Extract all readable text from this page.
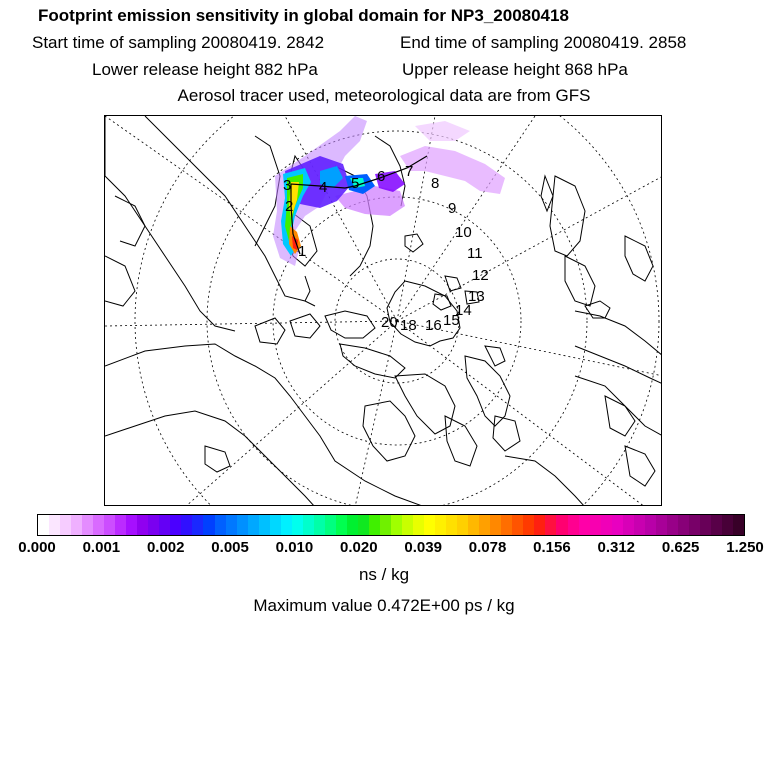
Footprint emission sensitivity in global domain for NP3_20080418
Start time of sampling 20080419. 2842	End time of sampling 20080419. 2858
Lower release height 882 hPa	Upper release height 868 hPa
Aerosol tracer used, meteorological data are from GFS
1
2
3 4 5 6 7
8
9
10
11
12
13
14
15
16
18
20
0.000 0.001 0.002 0.005 0.010 0.020 0.039 0.078 0.156 0.312 0.625 1.250
ns / kg
Maximum value 0.472E+00 ps / kg
